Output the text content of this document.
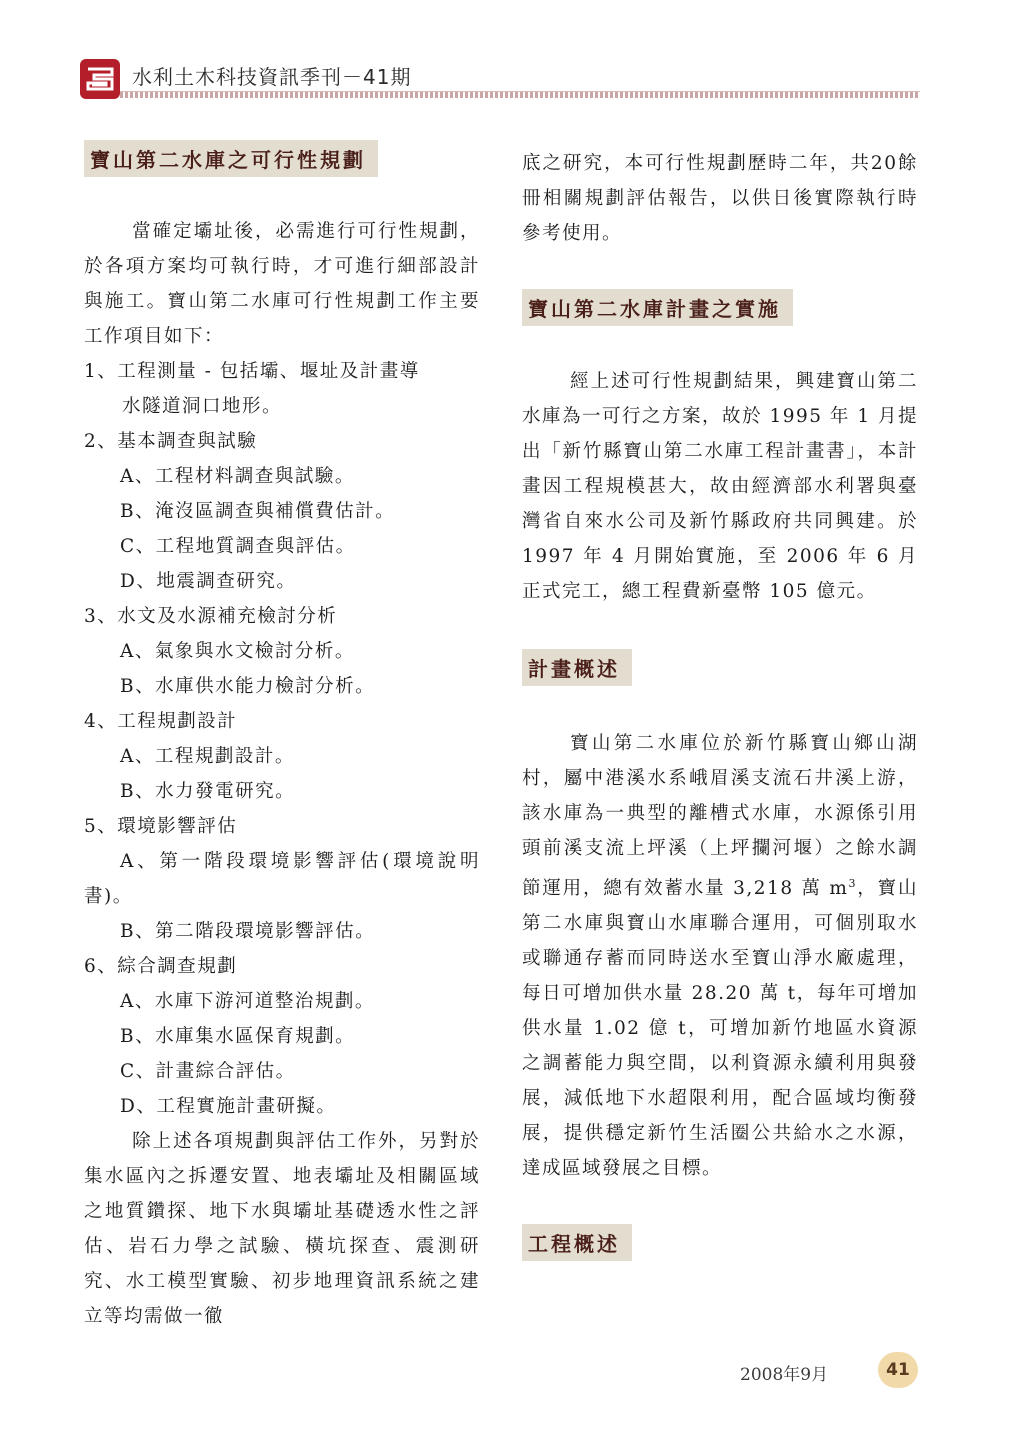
水利土木科技資訊季刊－41期
寶山第二水庫之可行性規劃

當確定壩址後，必需進行可行性規劃，於各項方案均可執行時，才可進行細部設計與施工。寶山第二水庫可行性規劃工作主要工作項目如下：

1、工程測量 - 包括壩、堰址及計畫導
水隧道洞口地形。
2、基本調查與試驗
A、工程材料調查與試驗。
B、淹沒區調查與補償費估計。
C、工程地質調查與評估。
D、地震調查研究。
3、水文及水源補充檢討分析
A、氣象與水文檢討分析。
B、水庫供水能力檢討分析。
4、工程規劃設計
A、工程規劃設計。
B、水力發電研究。
5、環境影響評估
A、第一階段環境影響評估(環境說明書)。
B、第二階段環境影響評估。
6、綜合調查規劃
A、水庫下游河道整治規劃。
B、水庫集水區保育規劃。
C、計畫綜合評估。
D、工程實施計畫研擬。

除上述各項規劃與評估工作外，另對於集水區內之拆遷安置、地表壩址及相關區域之地質鑽探、地下水與壩址基礎透水性之評估、岩石力學之試驗、橫坑探查、震測研究、水工模型實驗、初步地理資訊系統之建立等均需做一徹

底之研究，本可行性規劃歷時二年，共20餘冊相關規劃評估報告，以供日後實際執行時參考使用。

寶山第二水庫計畫之實施

經上述可行性規劃結果，興建寶山第二水庫為一可行之方案，故於 1995 年 1 月提出「新竹縣寶山第二水庫工程計畫書」，本計畫因工程規模甚大，故由經濟部水利署與臺灣省自來水公司及新竹縣政府共同興建。於 1997 年 4 月開始實施，至 2006 年 6 月正式完工，總工程費新臺幣 105 億元。

計畫概述

寶山第二水庫位於新竹縣寶山鄉山湖村，屬中港溪水系峨眉溪支流石井溪上游，該水庫為一典型的離槽式水庫，水源係引用頭前溪支流上坪溪（上坪攔河堰）之餘水調節運用，總有效蓄水量 3,218 萬 $m^3$，寶山第二水庫與寶山水庫聯合運用，可個別取水或聯通存蓄而同時送水至寶山淨水廠處理，每日可增加供水量 28.20 萬 t，每年可增加供水量 1.02 億 t，可增加新竹地區水資源之調蓄能力與空間，以利資源永續利用與發展，減低地下水超限利用，配合區域均衡發展，提供穩定新竹生活圈公共給水之水源，達成區域發展之目標。

工程概述
2008年9月	41
